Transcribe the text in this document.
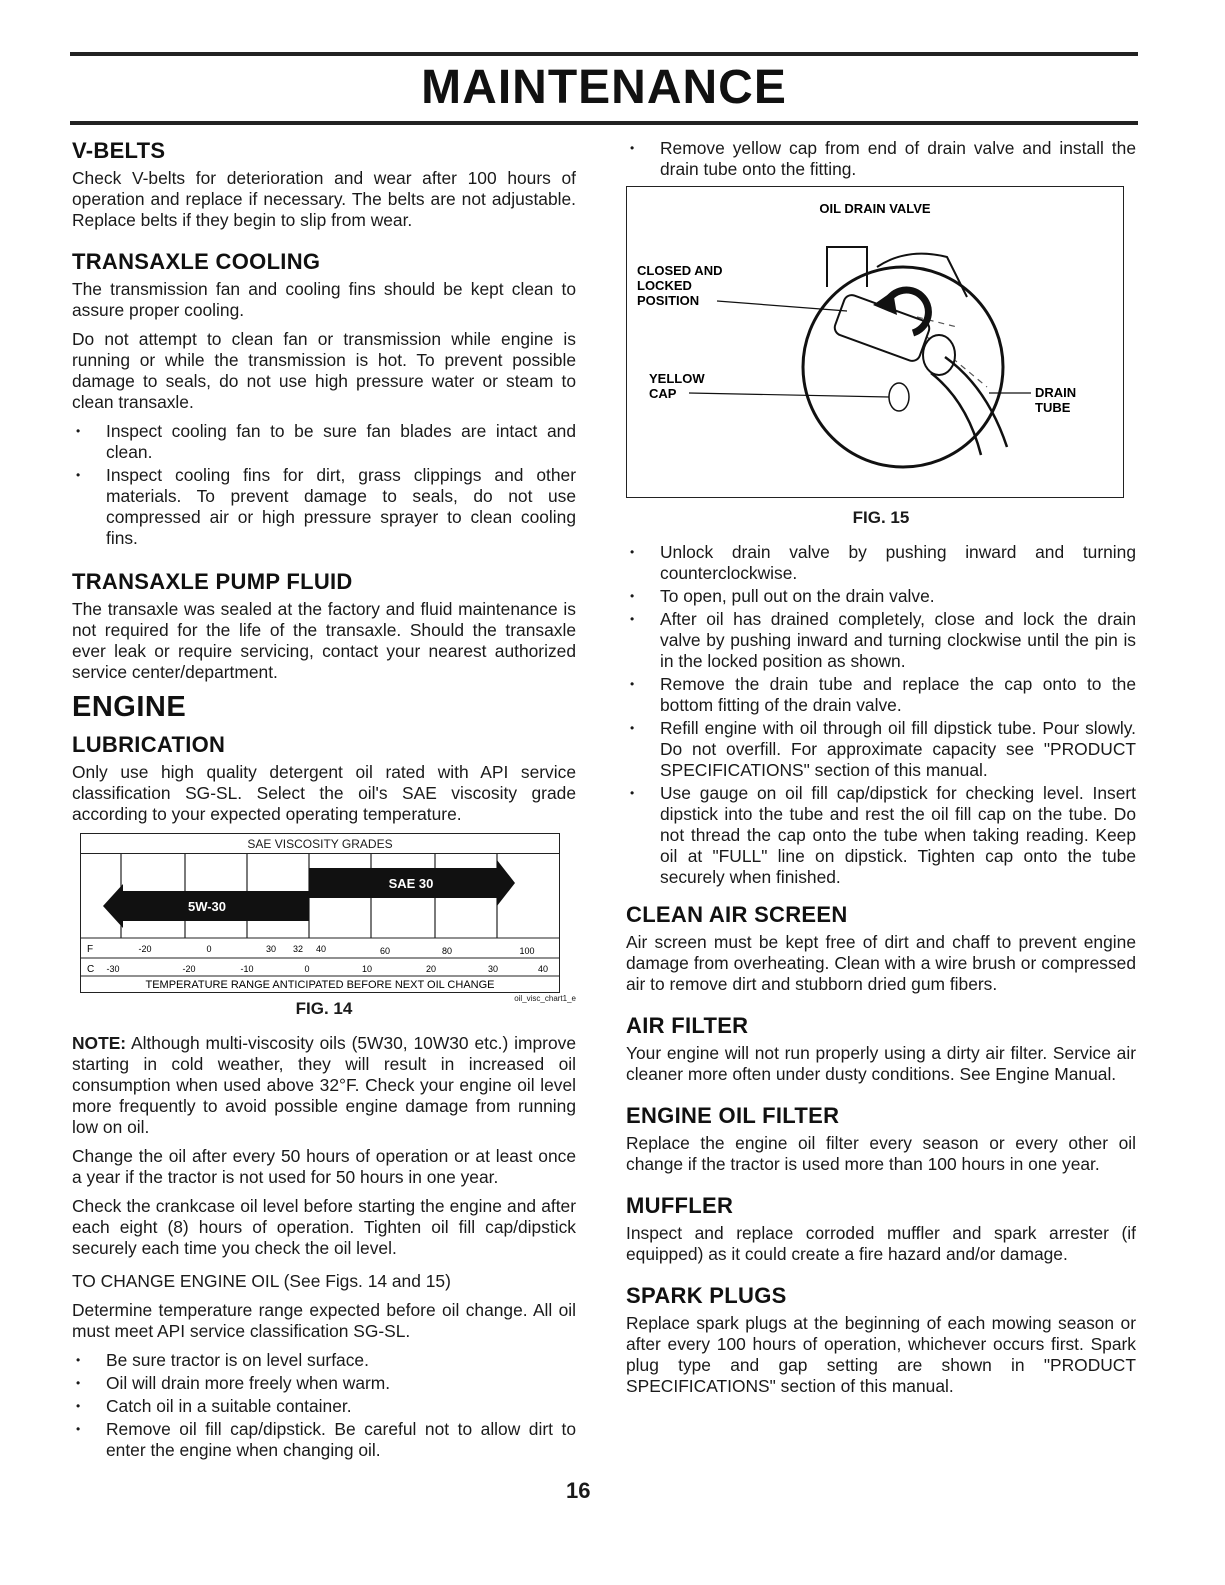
MAINTENANCE
V-BELTS

Check V-belts for deterioration and wear after 100 hours of operation and replace if necessary. The belts are not adjustable. Replace belts if they begin to slip from wear.

TRANSAXLE COOLING

The transmission fan and cooling fins should be kept clean to assure proper cooling.

Do not attempt to clean fan or transmission while engine is running or while the transmission is hot. To prevent possible damage to seals, do not use high pressure water or steam to clean transaxle.

• Inspect cooling fan to be sure fan blades are intact and clean.
• Inspect cooling fins for dirt, grass clippings and other materials. To prevent damage to seals, do not use compressed air or high pressure sprayer to clean cooling fins.
TRANSAXLE PUMP FLUID

The transaxle was sealed at the factory and fluid maintenance is not required for the life of the transaxle. Should the transaxle ever leak or require servicing, contact your nearest authorized service center/department.

ENGINE
LUBRICATION

Only use high quality detergent oil rated with API service classification SG-SL. Select the oil's SAE viscosity grade according to your expected operating temperature.

SAE VISCOSITY GRADES
SAE 30
5W-30
F	-20	0	30 32 40	60	80	100
C -30	-20	-10	0	10	20	30	40
TEMPERATURE RANGE ANTICIPATED BEFORE NEXT OIL CHANGE
oil_visc_chart1_e
FIG. 14

NOTE: Although multi-viscosity oils (5W30, 10W30 etc.) improve starting in cold weather, they will result in increased oil consumption when used above 32°F. Check your engine oil level more frequently to avoid possible engine damage from running low on oil.

Change the oil after every 50 hours of operation or at least once a year if the tractor is not used for 50 hours in one year.

Check the crankcase oil level before starting the engine and after each eight (8) hours of operation. Tighten oil fill cap/dipstick securely each time you check the oil level.

TO CHANGE ENGINE OIL (See Figs. 14 and 15)

Determine temperature range expected before oil change. All oil must meet API service classification SG-SL.

• Be sure tractor is on level surface.
• Oil will drain more freely when warm.
• Catch oil in a suitable container.
• Remove oil fill cap/dipstick. Be careful not to allow dirt to enter the engine when changing oil.
• Remove yellow cap from end of drain valve and install the drain tube onto the fitting.
OIL DRAIN VALVE
CLOSED AND
LOCKED
POSITION
YELLOW
CAP	DRAIN
TUBE
FIG. 15
• Unlock drain valve by pushing inward and turning counterclockwise.
• To open, pull out on the drain valve.
• After oil has drained completely, close and lock the drain valve by pushing inward and turning clockwise until the pin is in the locked position as shown.
• Remove the drain tube and replace the cap onto to the bottom fitting of the drain valve.
• Refill engine with oil through oil fill dipstick tube. Pour slowly. Do not overfill. For approximate capacity see "PRODUCT SPECIFICATIONS" section of this manual.
• Use gauge on oil fill cap/dipstick for checking level. Insert dipstick into the tube and rest the oil fill cap on the tube. Do not thread the cap onto the tube when taking reading. Keep oil at "FULL" line on dipstick. Tighten cap onto the tube securely when finished.
CLEAN AIR SCREEN

Air screen must be kept free of dirt and chaff to prevent engine damage from overheating. Clean with a wire brush or compressed air to remove dirt and stubborn dried gum fibers.

AIR FILTER

Your engine will not run properly using a dirty air filter. Service air cleaner more often under dusty conditions. See Engine Manual.

ENGINE OIL FILTER

Replace the engine oil filter every season or every other oil change if the tractor is used more than 100 hours in one year.

MUFFLER

Inspect and replace corroded muffler and spark arrester (if equipped) as it could create a fire hazard and/or damage.

SPARK PLUGS

Replace spark plugs at the beginning of each mowing season or after every 100 hours of operation, whichever occurs first. Spark plug type and gap setting are shown in "PRODUCT SPECIFICATIONS" section of this manual.

16
